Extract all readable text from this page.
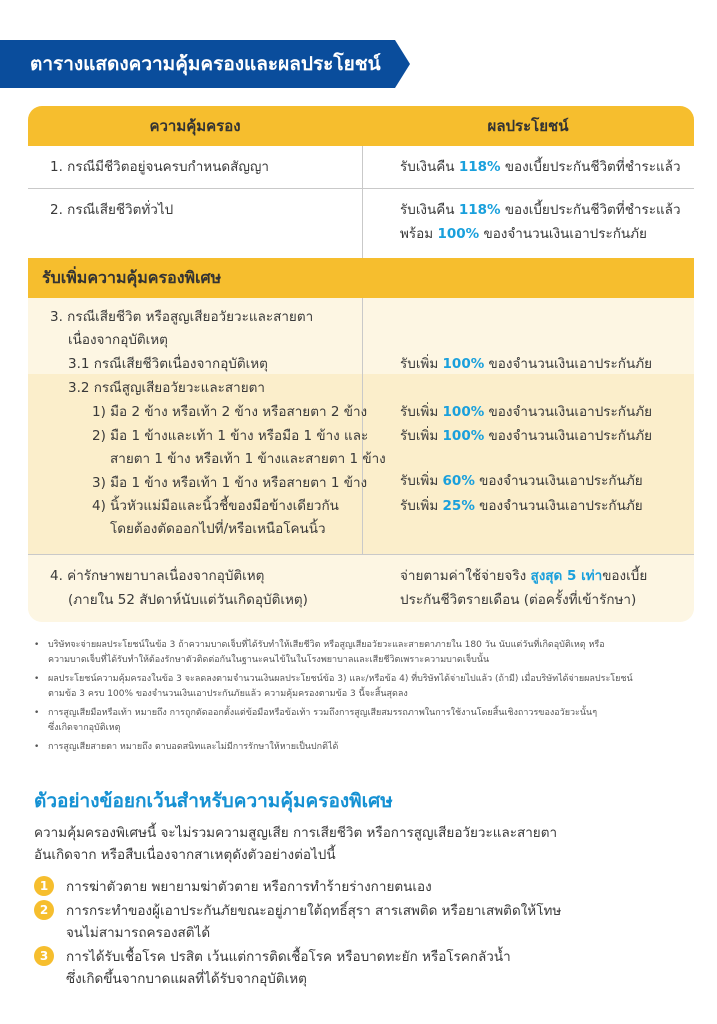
ตารางแสดงความคุ้มครองและผลประโยชน์
ความคุ้มครอง	ผลประโยชน์
1. กรณีมีชีวิตอยู่จนครบกำหนดสัญญา	รับเงินคืน 118% ของเบี้ยประกันชีวิตที่ชำระแล้ว
2. กรณีเสียชีวิตทั่วไป	รับเงินคืน 118% ของเบี้ยประกันชีวิตที่ชำระแล้ว
พร้อม 100% ของจำนวนเงินเอาประกันภัย
รับเพิ่มความคุ้มครองพิเศษ
3. กรณีเสียชีวิต หรือสูญเสียอวัยวะและสายตา
เนื่องจากอุบัติเหตุ
3.1 กรณีเสียชีวิตเนื่องจากอุบัติเหตุ	รับเพิ่ม 100% ของจำนวนเงินเอาประกันภัย
3.2 กรณีสูญเสียอวัยวะและสายตา
1) มือ 2 ข้าง หรือเท้า 2 ข้าง หรือสายตา 2 ข้าง รับเพิ่ม 100% ของจำนวนเงินเอาประกันภัย
2) มือ 1 ข้างและเท้า 1 ข้าง หรือมือ 1 ข้าง และ รับเพิ่ม 100% ของจำนวนเงินเอาประกันภัย
สายตา 1 ข้าง หรือเท้า 1 ข้างและสายตา 1 ข้าง
3) มือ 1 ข้าง หรือเท้า 1 ข้าง หรือสายตา 1 ข้าง รับเพิ่ม 60% ของจำนวนเงินเอาประกันภัย
4) นิ้วหัวแม่มือและนิ้วชี้ของมือข้างเดียวกัน	รับเพิ่ม 25% ของจำนวนเงินเอาประกันภัย
โดยต้องตัดออกไปที่/หรือเหนือโคนนิ้ว
4. ค่ารักษาพยาบาลเนื่องจากอุบัติเหตุ
(ภายใน 52 สัปดาห์นับแต่วันเกิดอุบัติเหตุ)
จ่ายตามค่าใช้จ่ายจริง สูงสุด 5 เท่าของเบี้ย
ประกันชีวิตรายเดือน (ต่อครั้งที่เข้ารักษา)
• บริษัทจะจ่ายผลประโยชน์ในข้อ 3 ถ้าความบาดเจ็บที่ได้รับทำให้เสียชีวิต หรือสูญเสียอวัยวะและสายตาภายใน 180 วัน นับแต่วันที่เกิดอุบัติเหตุ หรือ
ความบาดเจ็บที่ได้รับทำให้ต้องรักษาตัวติดต่อกันในฐานะคนไข้ในในโรงพยาบาลและเสียชีวิตเพราะความบาดเจ็บนั้น
• ผลประโยชน์ความคุ้มครองในข้อ 3 จะลดลงตามจำนวนเงินผลประโยชน์ข้อ 3) และ/หรือข้อ 4) ที่บริษัทได้จ่ายไปแล้ว (ถ้ามี) เมื่อบริษัทได้จ่ายผลประโยชน์
ตามข้อ 3 ครบ 100% ของจำนวนเงินเอาประกันภัยแล้ว ความคุ้มครองตามข้อ 3 นี้จะสิ้นสุดลง
• การสูญเสียมือหรือเท้า หมายถึง การถูกตัดออกตั้งแต่ข้อมือหรือข้อเท้า รวมถึงการสูญเสียสมรรถภาพในการใช้งานโดยสิ้นเชิงถาวรของอวัยวะนั้นๆ
ซึ่งเกิดจากอุบัติเหตุ
• การสูญเสียสายตา หมายถึง ตาบอดสนิทและไม่มีการรักษาให้หายเป็นปกติได้
ตัวอย่างข้อยกเว้นสำหรับความคุ้มครองพิเศษ
ความคุ้มครองพิเศษนี้ จะไม่รวมความสูญเสีย การเสียชีวิต หรือการสูญเสียอวัยวะและสายตา
อันเกิดจาก หรือสืบเนื่องจากสาเหตุดังตัวอย่างต่อไปนี้
1	การฆ่าตัวตาย พยายามฆ่าตัวตาย หรือการทำร้ายร่างกายตนเอง
2	การกระทำของผู้เอาประกันภัยขณะอยู่ภายใต้ฤทธิ์สุรา สารเสพติด หรือยาเสพติดให้โทษ
จนไม่สามารถครองสติได้
3	การได้รับเชื้อโรค ปรสิต เว้นแต่การติดเชื้อโรค หรือบาดทะยัก หรือโรคกลัวน้ำ
ซึ่งเกิดขึ้นจากบาดแผลที่ได้รับจากอุบัติเหตุ
